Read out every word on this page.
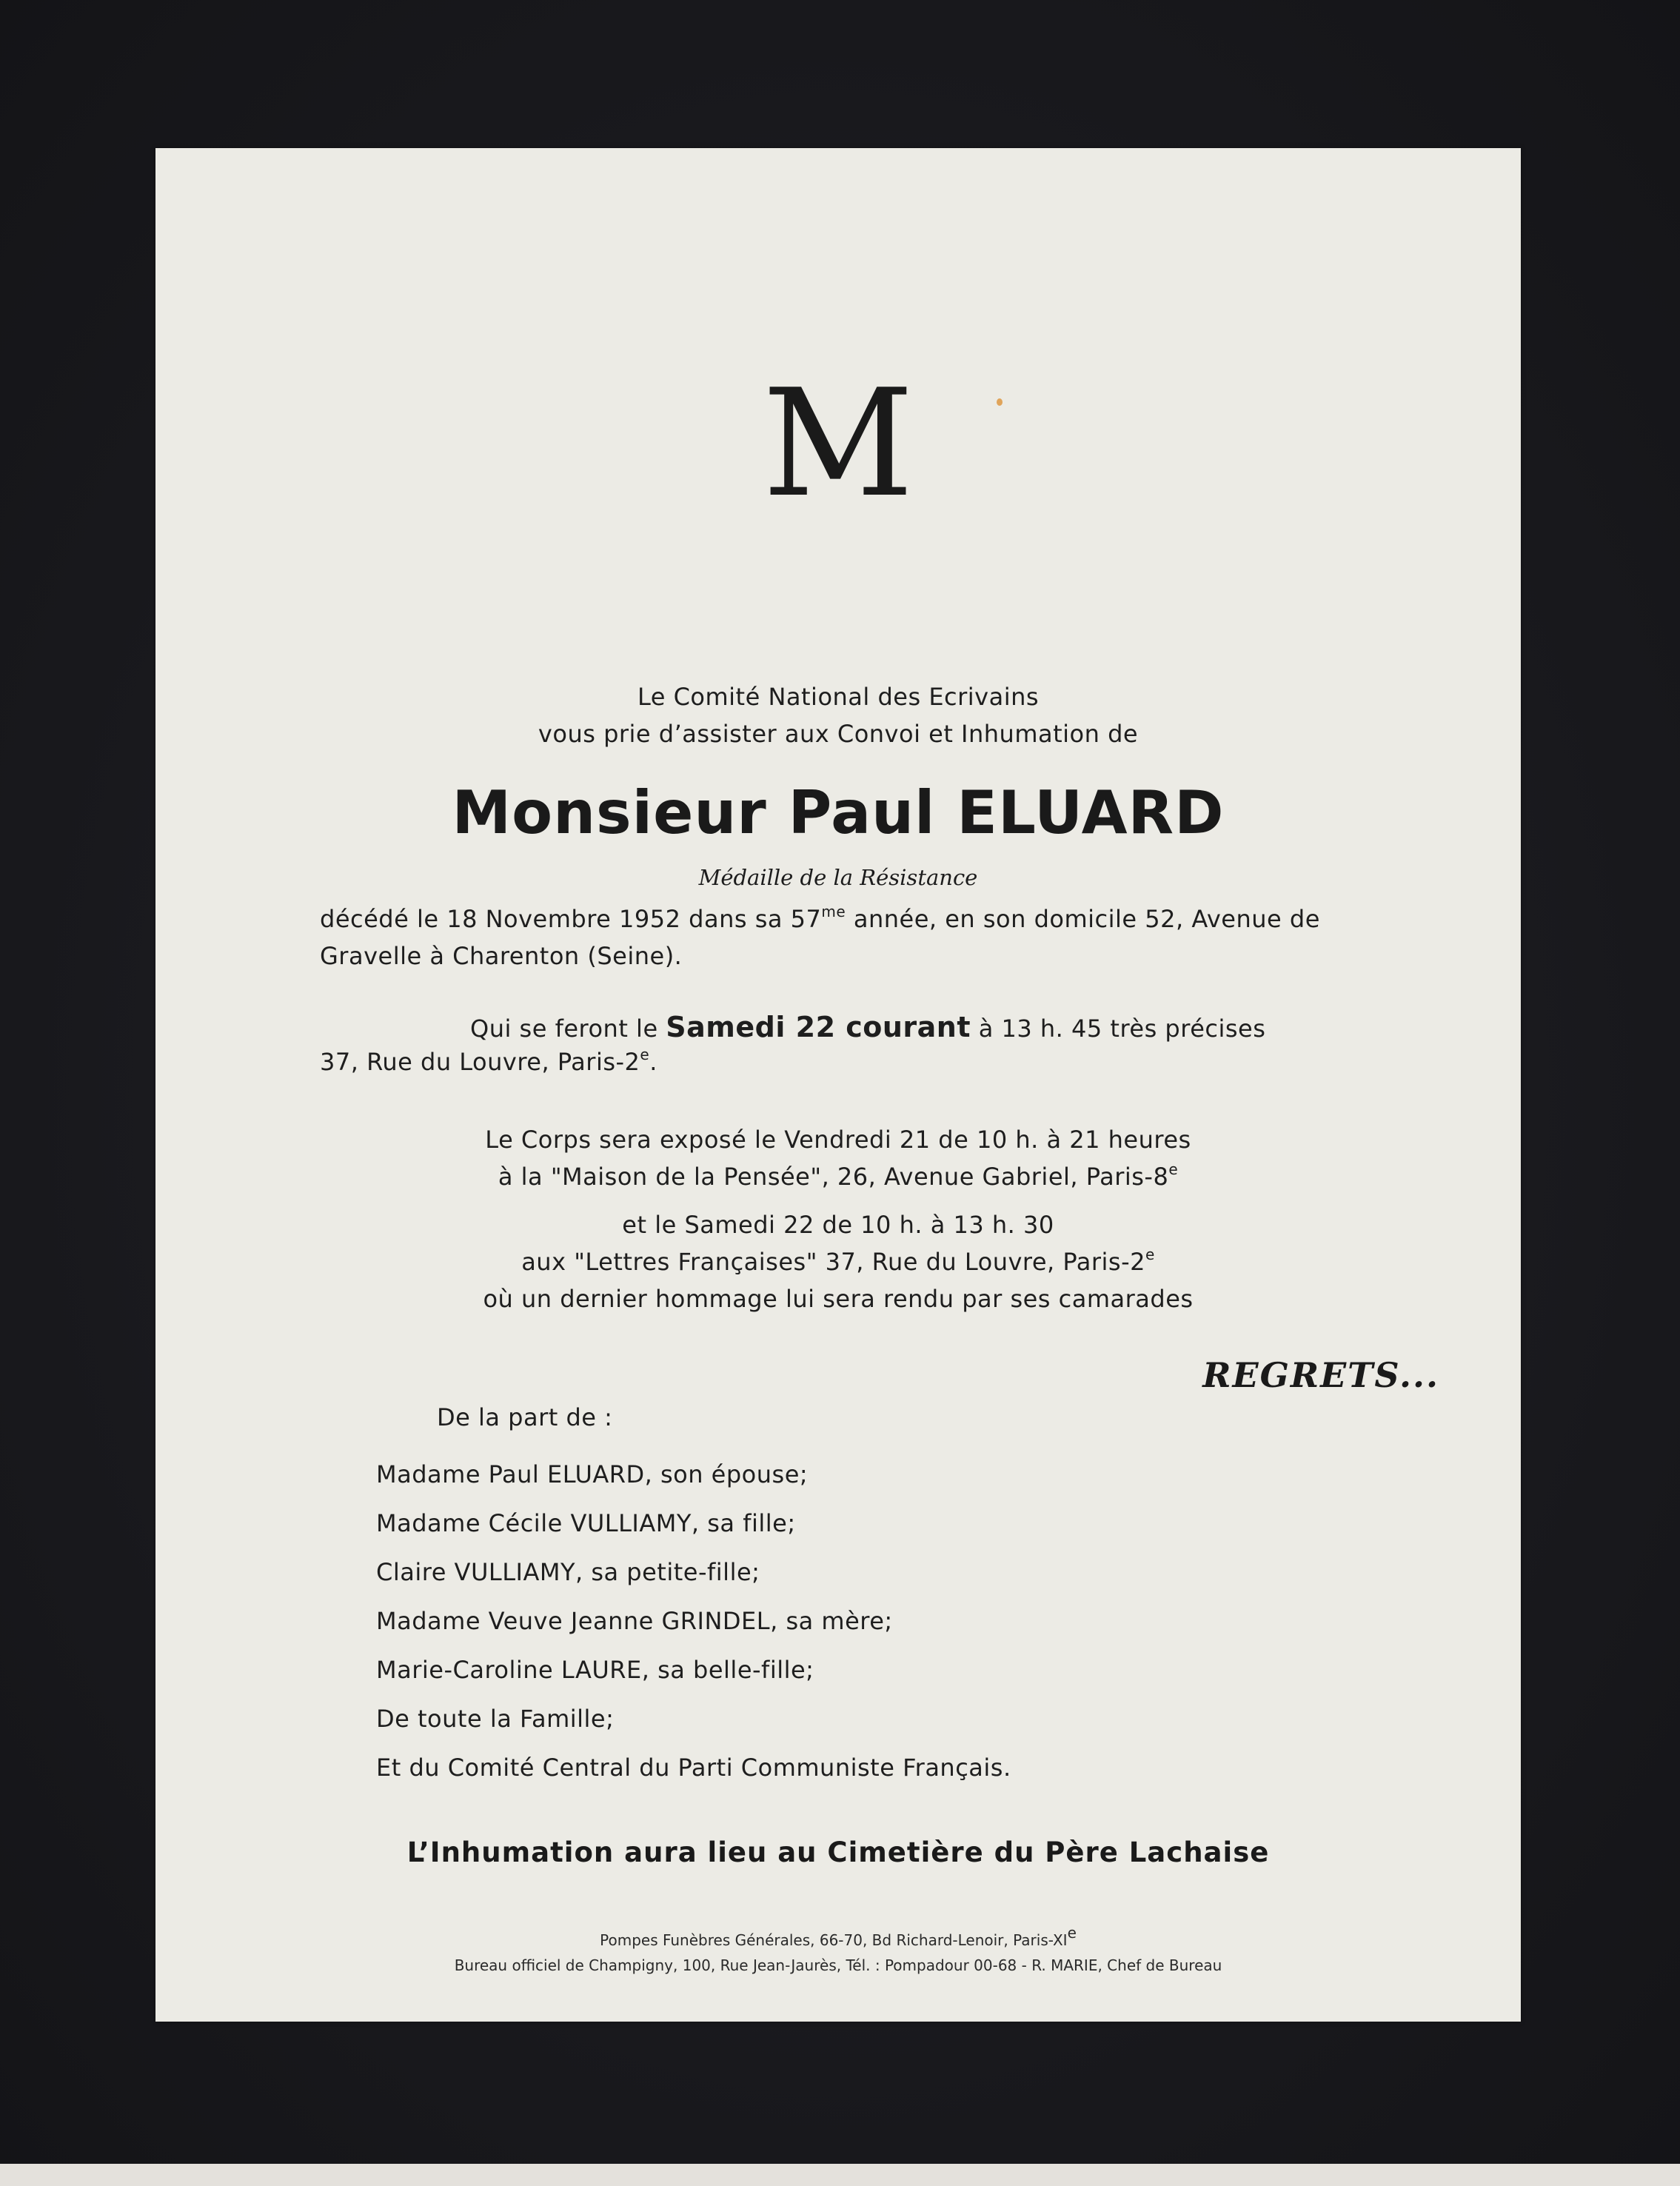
M
Le Comité National des Ecrivains
vous prie d’assister aux Convoi et Inhumation de
Monsieur Paul ELUARD
Médaille de la Résistance
décédé le 18 Novembre 1952 dans sa $57^{me}$ année, en son domicile 52, Avenue de
Gravelle à Charenton (Seine).
Qui se feront le Samedi 22 courant à 13 h. 45 très précises
37, Rue du Louvre, Paris-2e.
Le Corps sera exposé le Vendredi 21 de 10 h. à 21 heures
à la "Maison de la Pensée", 26, Avenue Gabriel, Paris-8e
et le Samedi 22 de 10 h. à 13 h. 30
aux "Lettres Françaises" 37, Rue du Louvre, Paris-2e
où un dernier hommage lui sera rendu par ses camarades
REGRETS...
De la part de :
Madame Paul ELUARD, son épouse;
Madame Cécile VULLIAMY, sa fille;
Claire VULLIAMY, sa petite-fille;
Madame Veuve Jeanne GRINDEL, sa mère;
Marie-Caroline LAURE, sa belle-fille;
De toute la Famille;
Et du Comité Central du Parti Communiste Français.
L’Inhumation aura lieu au Cimetière du Père Lachaise
Pompes Funèbres Générales, 66-70, Bd Richard-Lenoir, Paris-XIe
Bureau officiel de Champigny, 100, Rue Jean-Jaurès, Tél. : Pompadour 00-68 - R. MARIE, Chef de Bureau
